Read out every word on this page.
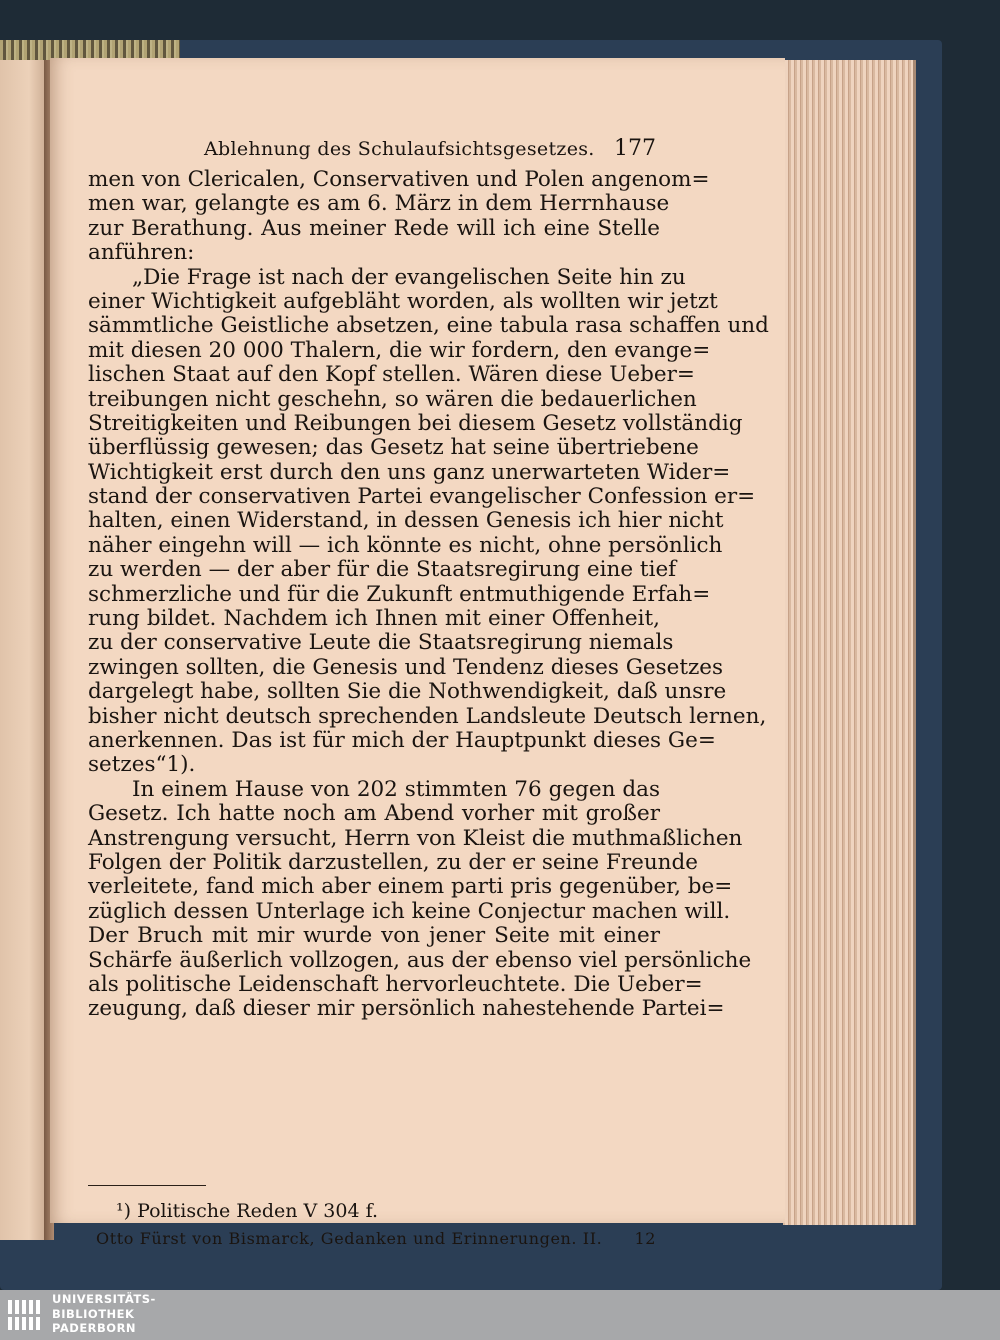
Ablehnung des Schulaufsichtsgesetzes. 177
men von Clericalen, Conservativen und Polen angenom=
men war, gelangte es am 6. März in dem Herrnhause
zur Berathung. Aus meiner Rede will ich eine Stelle
anführen:
„Die Frage ist nach der evangelischen Seite hin zu
einer Wichtigkeit aufgebläht worden, als wollten wir jetzt
sämmtliche Geistliche absetzen, eine tabula rasa schaffen und
mit diesen 20 000 Thalern, die wir fordern, den evange=
lischen Staat auf den Kopf stellen. Wären diese Ueber=
treibungen nicht geschehn, so wären die bedauerlichen
Streitigkeiten und Reibungen bei diesem Gesetz vollständig
überflüssig gewesen; das Gesetz hat seine übertriebene
Wichtigkeit erst durch den uns ganz unerwarteten Wider=
stand der conservativen Partei evangelischer Confession er=
halten, einen Widerstand, in dessen Genesis ich hier nicht
näher eingehn will — ich könnte es nicht, ohne persönlich
zu werden — der aber für die Staatsregirung eine tief
schmerzliche und für die Zukunft entmuthigende Erfah=
rung bildet. Nachdem ich Ihnen mit einer Offenheit,
zu der conservative Leute die Staatsregirung niemals
zwingen sollten, die Genesis und Tendenz dieses Gesetzes
dargelegt habe, sollten Sie die Nothwendigkeit, daß unsre
bisher nicht deutsch sprechenden Landsleute Deutsch lernen,
anerkennen. Das ist für mich der Hauptpunkt dieses Ge=
setzes“1).
In einem Hause von 202 stimmten 76 gegen das
Gesetz. Ich hatte noch am Abend vorher mit großer
Anstrengung versucht, Herrn von Kleist die muthmaßlichen
Folgen der Politik darzustellen, zu der er seine Freunde
verleitete, fand mich aber einem parti pris gegenüber, be=
züglich dessen Unterlage ich keine Conjectur machen will.
Der Bruch mit mir wurde von jener Seite mit einer
Schärfe äußerlich vollzogen, aus der ebenso viel persönliche
als politische Leidenschaft hervorleuchtete. Die Ueber=
zeugung, daß dieser mir persönlich nahestehende Partei=
¹) Politische Reden V 304 f.
Otto Fürst von Bismarck, Gedanken und Erinnerungen. II. 12
UNIVERSITÄTS-
BIBLIOTHEK
PADERBORN
